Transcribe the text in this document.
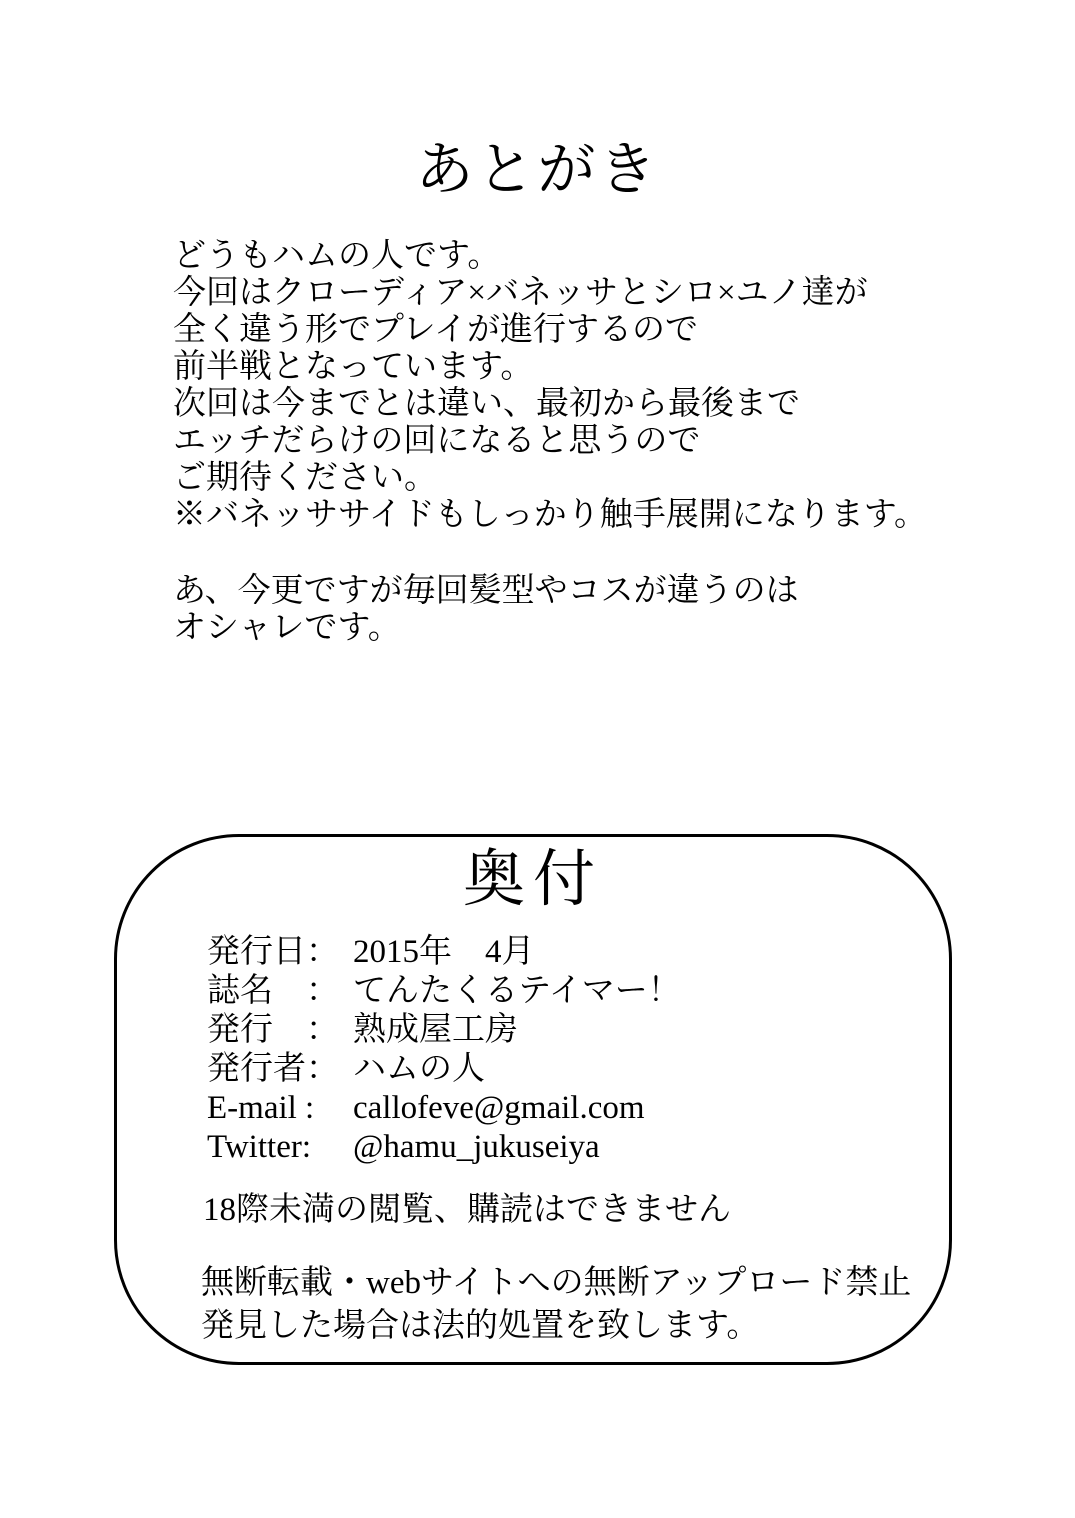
あとがき
どうもハムの人です。
今回はクローディア×バネッサとシロ×ユノ達が
全く違う形でプレイが進行するので
前半戦となっています。
次回は今までとは違い、最初から最後まで
エッチだらけの回になると思うので
ご期待ください。
※バネッササイドもしっかり触手展開になります。
あ、今更ですが毎回髪型やコスが違うのは
オシャレです。
奥付
発行日： 2015年　4月
誌名　： てんたくるテイマー！
発行　： 熟成屋工房
発行者： ハムの人
E-mail : callofeve@gmail.com
Twitter: @hamu_jukuseiya
18際未満の閲覧、購読はできません
無断転載・webサイトへの無断アップロード禁止
発見した場合は法的処置を致します。
